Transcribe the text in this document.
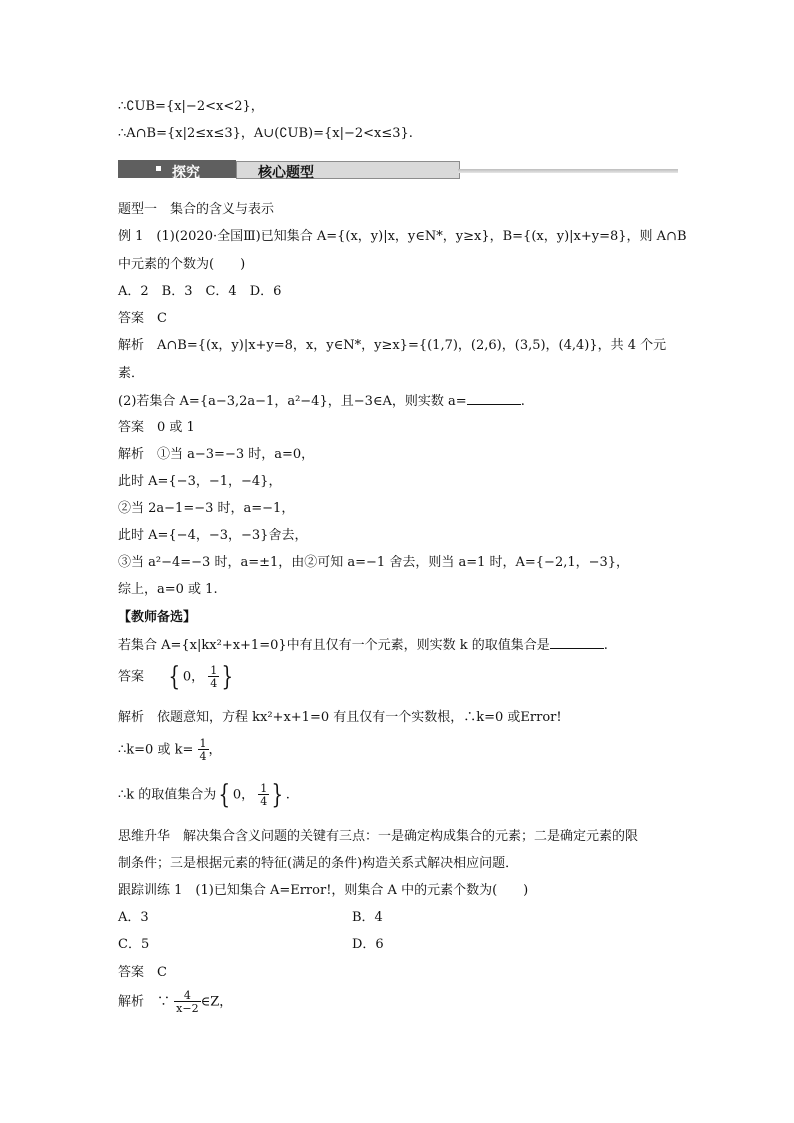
∴∁UB={x|−2<x<2}，
∴A∩B={x|2≤x≤3}，A∪(∁UB)={x|−2<x≤3}.
探究	核心题型
题型一　集合的含义与表示
例 1　(1)(2020·全国Ⅲ)已知集合 A={(x，y)|x，y∈N*，y≥x}，B={(x，y)|x+y=8}，则 A∩B
中元素的个数为(　　)
A．2　B．3　C．4　D．6
答案　C
解析　A∩B={(x，y)|x+y=8，x，y∈N*，y≥x}={(1,7)，(2,6)，(3,5)，(4,4)}，共 4 个元
素．
(2)若集合 A={a−3,2a−1，a²−4}，且−3∈A，则实数 a=	.
答案　0 或 1
解析　①当 a−3=−3 时，a=0，
此时 A={−3，−1，−4}，
②当 2a−1=−3 时，a=−1，
此时 A={−4，−3，−3}舍去，
③当 a²−4=−3 时，a=±1，由②可知 a=−1 舍去，则当 a=1 时，A={−2,1，−3}，
综上，a=0 或 1.
【教师备选】
若集合 A={x|kx²+x+1=0}中有且仅有一个元素，则实数 k 的取值集合是	.
答案 { 0， $\frac{1}{4}$ }
解析　依题意知，方程 kx²+x+1=0 有且仅有一个实数根，∴k=0 或Error!
∴k=0 或 $k= \frac{1}{4}$ ，
∴k 的取值集合为{ 0， $\frac{1}{4}$ } .
思维升华　解决集合含义问题的关键有三点：一是确定构成集合的元素；二是确定元素的限
制条件；三是根据元素的特征(满足的条件)构造关系式解决相应问题．
跟踪训练 1　(1)已知集合 A=Error!，则集合 A 中的元素个数为(　　)
A．3	B．4
C．5	D．6
答案　C
解析　∵ $\frac{4}{x-2}$ ∈Z，
